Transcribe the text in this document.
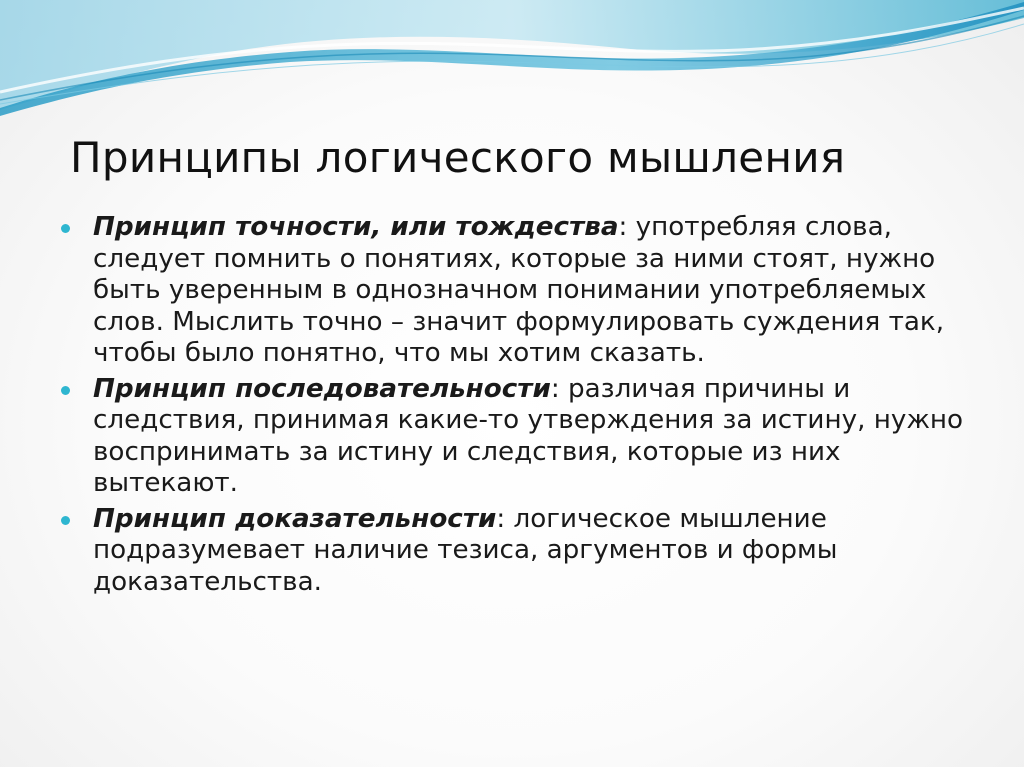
Принципы логического мышления
Принцип точности, или тождества: употребляя слова, следует помнить о понятиях, которые за ними стоят, нужно быть уверенным в однозначном понимании употребляемых слов. Мыслить точно – значит формулировать суждения так, чтобы было понятно, что мы хотим сказать.
Принцип последовательности: различая причины и следствия, принимая какие-то утверждения за истину, нужно воспринимать за истину и следствия, которые из них вытекают.
Принцип доказательности: логическое мышление подразумевает наличие тезиса, аргументов и формы доказательства.
